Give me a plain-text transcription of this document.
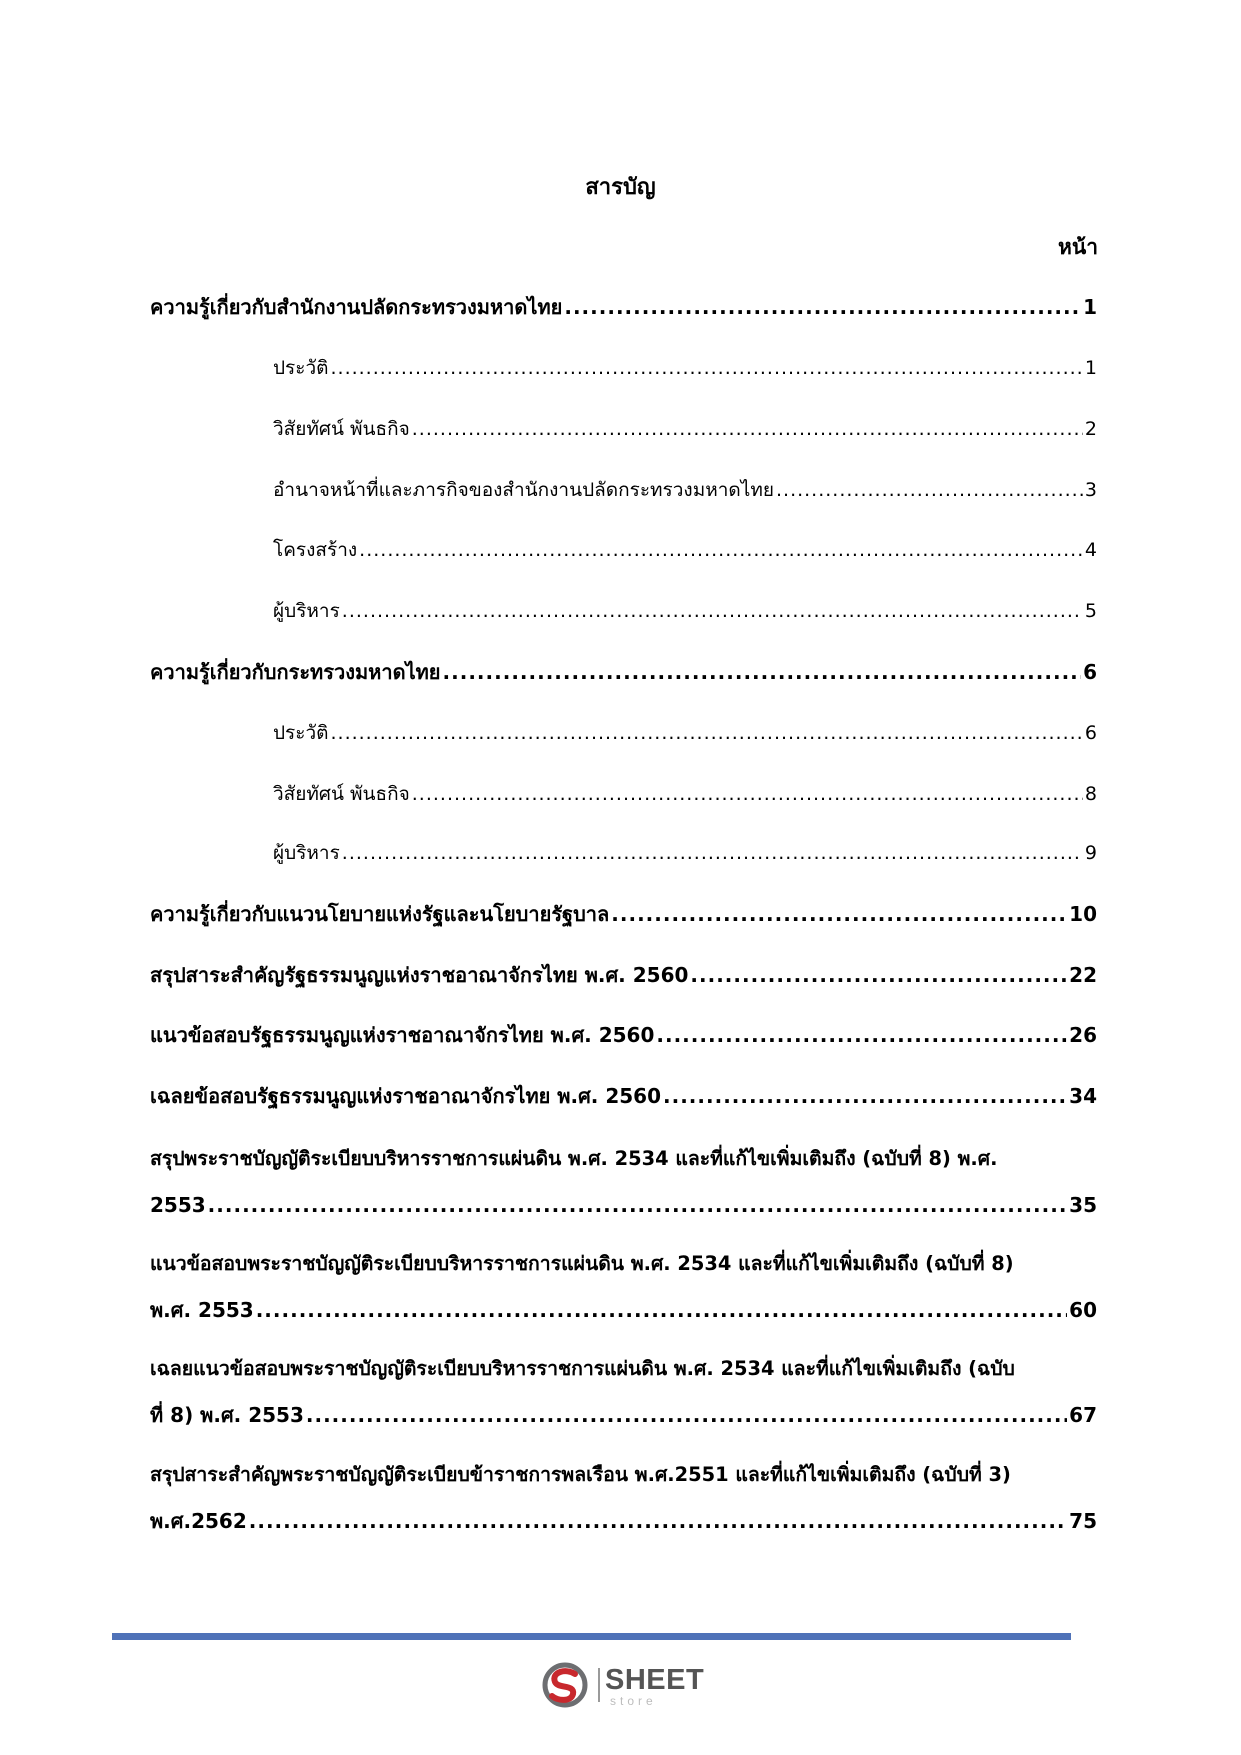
สารบัญ
หน้า
ความรู้เกี่ยวกับสำนักงานปลัดกระทรวงมหาดไทย .....	1
ประวัติ .....	1
วิสัยทัศน์ พันธกิจ .....	2
อำนาจหน้าที่และภารกิจของสำนักงานปลัดกระทรวงมหาดไทย .....	3
โครงสร้าง .....	4
ผู้บริหาร .....	5
ความรู้เกี่ยวกับกระทรวงมหาดไทย .....	6
ประวัติ .....	6
วิสัยทัศน์ พันธกิจ .....	8
ผู้บริหาร .....	9
ความรู้เกี่ยวกับแนวนโยบายแห่งรัฐและนโยบายรัฐบาล .....	10
สรุปสาระสำคัญรัฐธรรมนูญแห่งราชอาณาจักรไทย พ.ศ. 2560 .....	22
แนวข้อสอบรัฐธรรมนูญแห่งราชอาณาจักรไทย พ.ศ. 2560 .....	26
เฉลยข้อสอบรัฐธรรมนูญแห่งราชอาณาจักรไทย พ.ศ. 2560 .....	34
สรุปพระราชบัญญัติระเบียบบริหารราชการแผ่นดิน พ.ศ. 2534 และที่แก้ไขเพิ่มเติมถึง (ฉบับที่ 8) พ.ศ.
2553 .....	35
แนวข้อสอบพระราชบัญญัติระเบียบบริหารราชการแผ่นดิน พ.ศ. 2534 และที่แก้ไขเพิ่มเติมถึง (ฉบับที่ 8)
พ.ศ. 2553 .....	60
เฉลยแนวข้อสอบพระราชบัญญัติระเบียบบริหารราชการแผ่นดิน พ.ศ. 2534 และที่แก้ไขเพิ่มเติมถึง (ฉบับ
ที่ 8) พ.ศ. 2553 .....	67
สรุปสาระสำคัญพระราชบัญญัติระเบียบข้าราชการพลเรือน พ.ศ.2551 และที่แก้ไขเพิ่มเติมถึง (ฉบับที่ 3)
พ.ศ.2562 .....	75
SHEET
store
